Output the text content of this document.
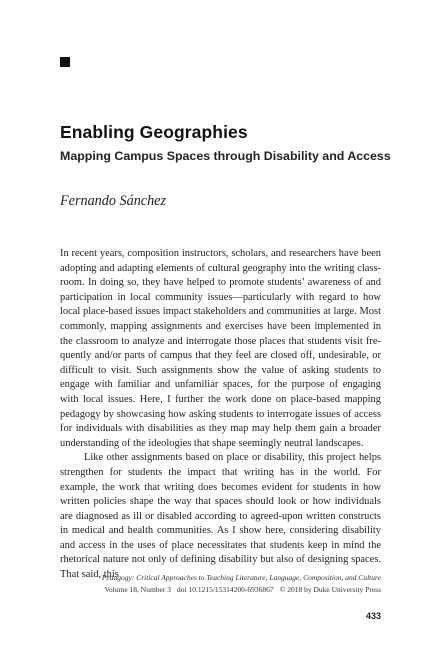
Enabling Geographies
Mapping Campus Spaces through Disability and Access

Fernando Sánchez

In recent years, composition instructors, scholars, and researchers have been adopting and adapting elements of cultural geography into the writing classroom. In doing so, they have helped to promote students’ awareness of and participation in local community issues—particularly with regard to how local place-based issues impact stakeholders and communities at large. Most commonly, mapping assignments and exercises have been implemented in the classroom to analyze and interrogate those places that students visit frequently and/or parts of campus that they feel are closed off, undesirable, or difficult to visit. Such assignments show the value of asking students to engage with familiar and unfamiliar spaces, for the purpose of engaging with local issues. Here, I further the work done on place-based mapping pedagogy by showcasing how asking students to interrogate issues of access for individuals with disabilities as they map may help them gain a broader understanding of the ideologies that shape seemingly neutral landscapes.

Like other assignments based on place or disability, this project helps strengthen for students the impact that writing has in the world. For example, the work that writing does becomes evident for students in how written policies shape the way that spaces should look or how individuals are diagnosed as ill or disabled according to agreed-upon written constructs in medical and health communities. As I show here, considering disability and access in the uses of place necessitates that students keep in mind the rhetorical nature not only of defining disability but also of designing spaces. That said, this

Pedagogy: Critical Approaches to Teaching Literature, Language, Composition, and Culture

Volume 18, Number 3 doi 10.1215/15314200-6936867 © 2018 by Duke University Press

433
